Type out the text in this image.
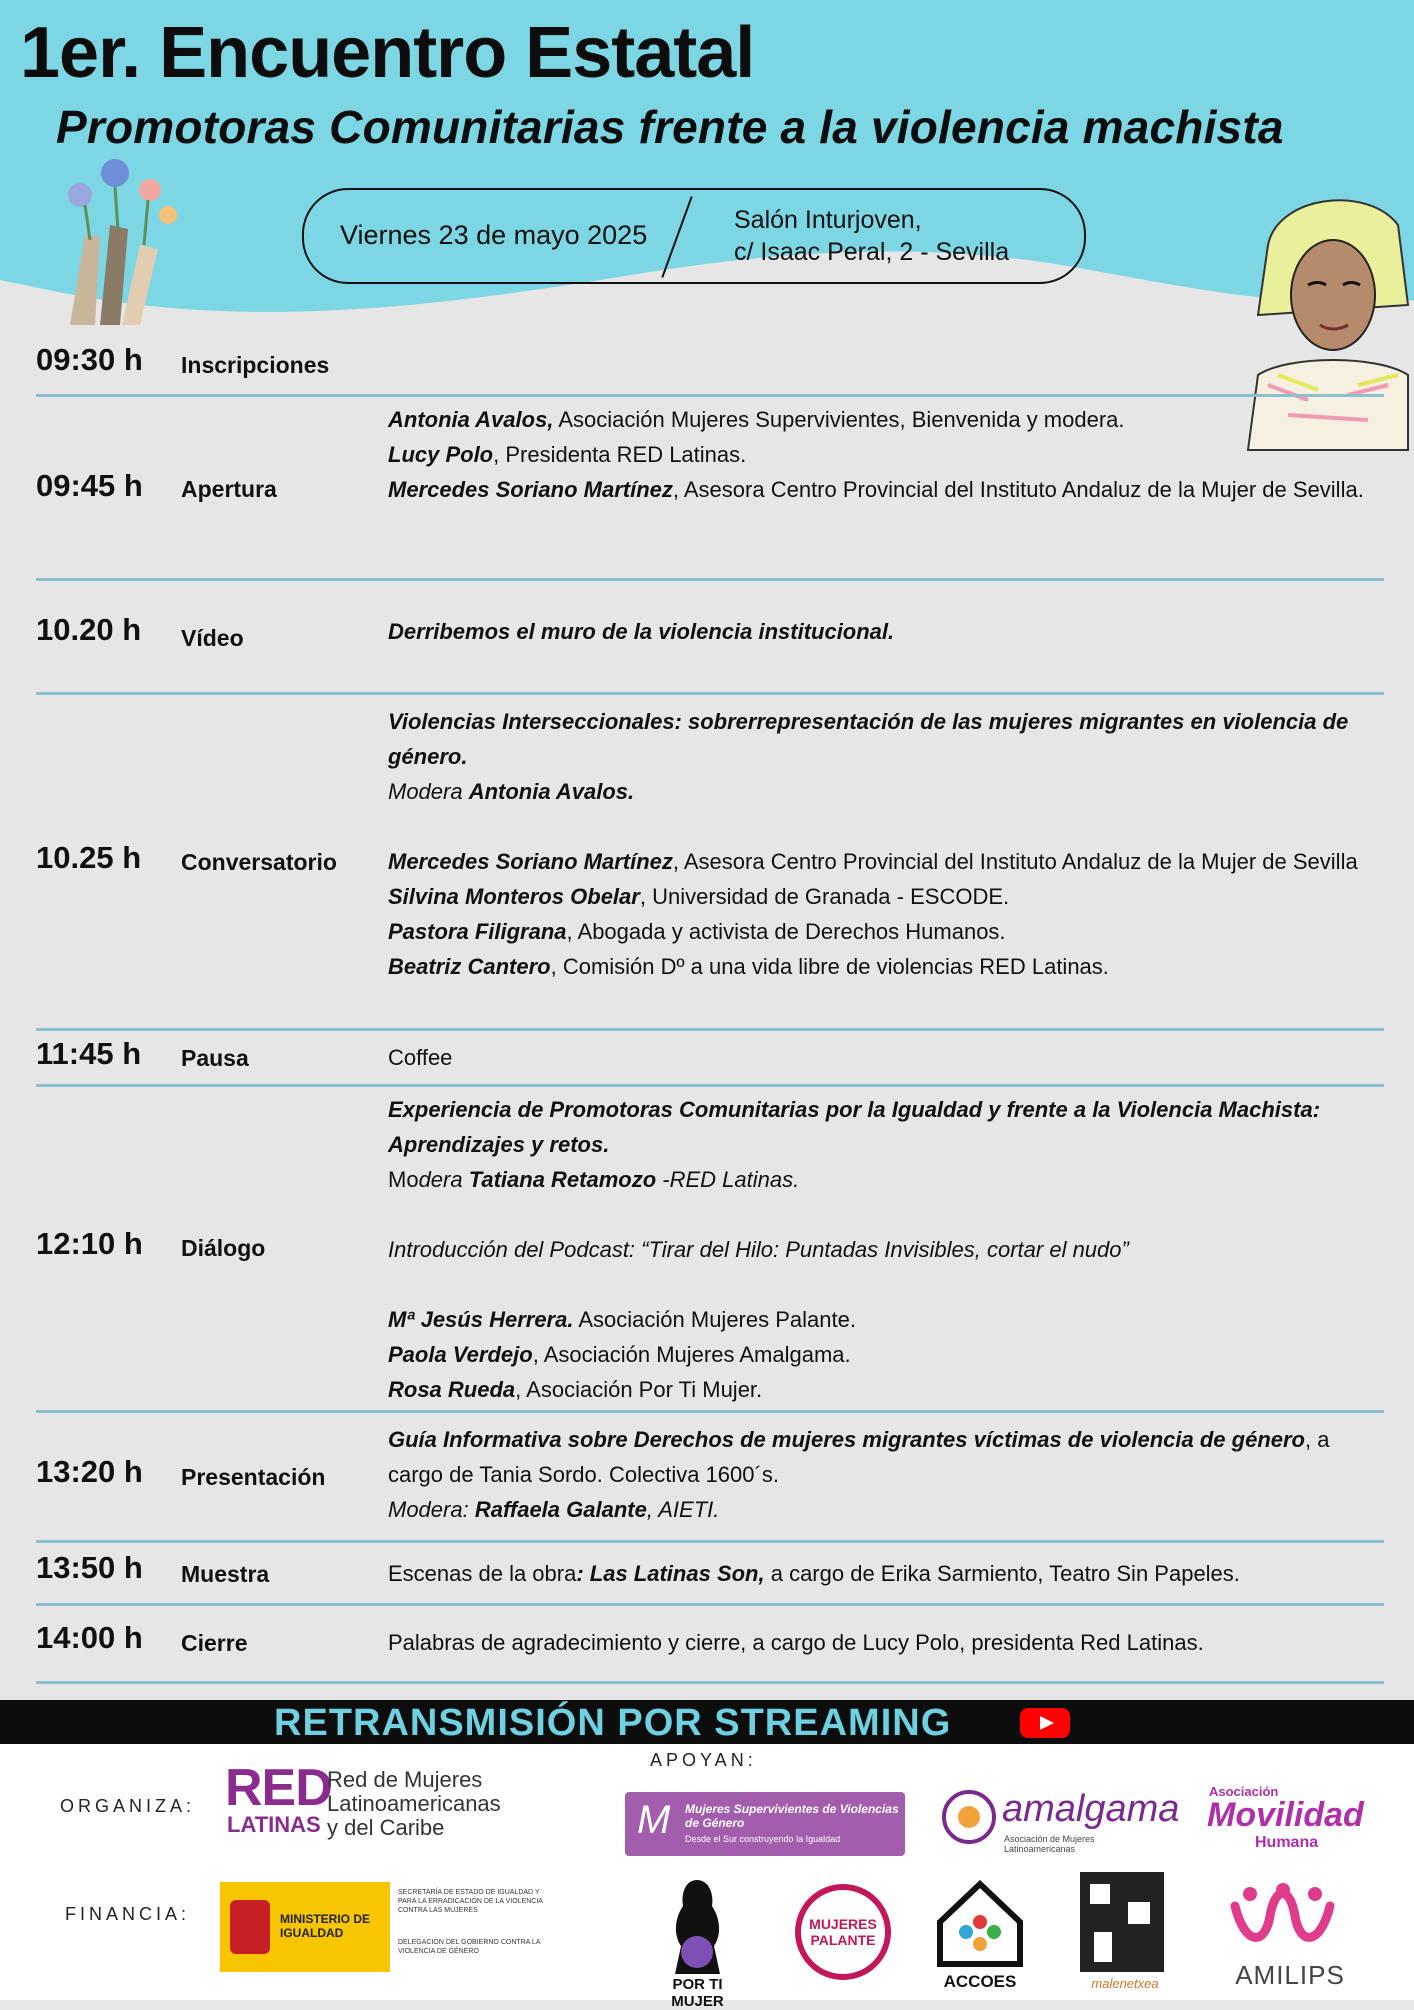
1er. Encuentro Estatal
Promotoras Comunitarias frente a la violencia machista
Viernes 23 de mayo 2025	Salón Inturjoven,
c/ Isaac Peral, 2 - Sevilla
09:30 h Inscripciones
09:45 h Apertura

Antonia Avalos, Asociación Mujeres Supervivientes, Bienvenida y modera.

Lucy Polo, Presidenta RED Latinas.

Mercedes Soriano Martínez, Asesora Centro Provincial del Instituto Andaluz de la Mujer de Sevilla.

10.20 h Vídeo	Derribemos el muro de la violencia institucional.
10.25 h Conversatorio

Violencias Interseccionales: sobrerrepresentación de las mujeres migrantes en violencia de género.

Modera Antonia Avalos.

Mercedes Soriano Martínez, Asesora Centro Provincial del Instituto Andaluz de la Mujer de Sevilla

Silvina Monteros Obelar, Universidad de Granada - ESCODE.

Pastora Filigrana, Abogada y activista de Derechos Humanos.

Beatriz Cantero, Comisión Dº a una vida libre de violencias RED Latinas.

11:45 h Pausa	Coffee
12:10 h Diálogo

Experiencia de Promotoras Comunitarias por la Igualdad y frente a la Violencia Machista: Aprendizajes y retos.

Modera Tatiana Retamozo -RED Latinas.

Introducción del Podcast: “Tirar del Hilo: Puntadas Invisibles, cortar el nudo”

Mª Jesús Herrera. Asociación Mujeres Palante.

Paola Verdejo, Asociación Mujeres Amalgama.

Rosa Rueda, Asociación Por Ti Mujer.

13:20 h Presentación

Guía Informativa sobre Derechos de mujeres migrantes víctimas de violencia de género, a cargo de Tania Sordo. Colectiva 1600´s.

Modera: Raffaela Galante, AIETI.

13:50 h Muestra	Escenas de la obra: Las Latinas Son, a cargo de Erika Sarmiento, Teatro Sin Papeles.
14:00 h Cierre	Palabras de agradecimiento y cierre, a cargo de Lucy Polo, presidenta Red Latinas.
RETRANSMISIÓN POR STREAMING
ORGANIZA:
APOYAN:
FINANCIA:
RED
LATINAS
Red de Mujeres
Latinoamericanas
y del Caribe
MINISTERIO DE IGUALDAD
SECRETARÍA DE ESTADO DE IGUALDAD Y PARA LA ERRADICACIÓN DE LA VIOLENCIA CONTRA LAS MUJERES
DELEGACIÓN DEL GOBIERNO CONTRA LA VIOLENCIA DE GÉNERO
M Mujeres Supervivientes de Violencias de Género
Desde el Sur construyendo la Igualdad
amalgama
Asociación de Mujeres Latinoamericanas
Asociación
Movilidad
Humana
POR TI MUJER
MUJERES PALANTE
ACCOES	malenetxea	AMILIPS
